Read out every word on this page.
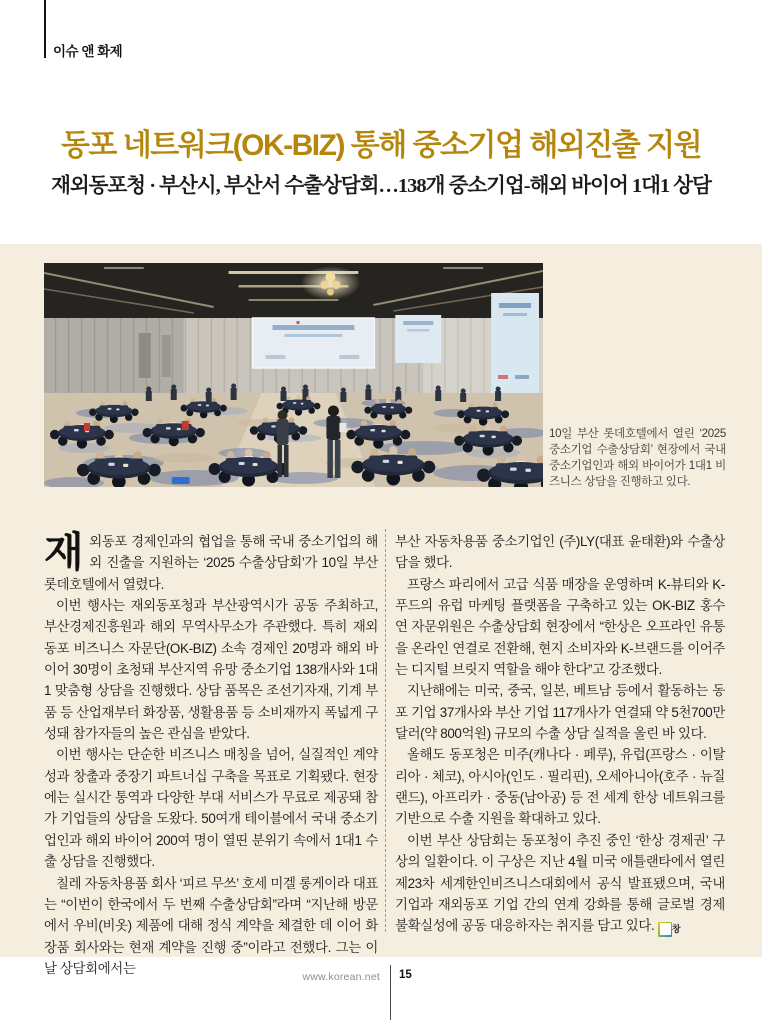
이슈 앤 화제
동포 네트워크(OK-BIZ) 통해 중소기업 해외진출 지원
재외동포청 · 부산시, 부산서 수출상담회…138개 중소기업-해외 바이어 1대1 상담

10일 부산 롯데호텔에서 열린 ‘2025 중소기업 수출상담회’ 현장에서 국내 중소기업인과 해외 바이어가 1대1 비즈니스 상담을 진행하고 있다.

재외동포 경제인과의 협업을 통해 국내 중소기업의 해외 진출을 지원하는 ‘2025 수출상담회’가 10일 부산 롯데호텔에서 열렸다.

이번 행사는 재외동포청과 부산광역시가 공동 주최하고, 부산경제진흥원과 해외 무역사무소가 주관했다. 특히 재외동포 비즈니스 자문단(OK-BIZ) 소속 경제인 20명과 해외 바이어 30명이 초청돼 부산지역 유망 중소기업 138개사와 1대1 맞춤형 상담을 진행했다. 상담 품목은 조선기자재, 기계 부품 등 산업재부터 화장품, 생활용품 등 소비재까지 폭넓게 구성돼 참가자들의 높은 관심을 받았다.

이번 행사는 단순한 비즈니스 매칭을 넘어, 실질적인 계약성과 창출과 중장기 파트너십 구축을 목표로 기획됐다. 현장에는 실시간 통역과 다양한 부대 서비스가 무료로 제공돼 참가 기업들의 상담을 도왔다. 50여개 테이블에서 국내 중소기업인과 해외 바이어 200여 명이 열띤 분위기 속에서 1대1 수출 상담을 진행했다.

칠레 자동차용품 회사 ‘피르 무쓰’ 호세 미겔 롱게이라 대표는 “이번이 한국에서 두 번째 수출상담회”라며 “지난해 방문에서 우비(비옷) 제품에 대해 정식 계약을 체결한 데 이어 화장품 회사와는 현재 계약을 진행 중”이라고 전했다. 그는 이날 상담회에서는

부산 자동차용품 중소기업인 (주)LY(대표 윤태환)와 수출상담을 했다.

프랑스 파리에서 고급 식품 매장을 운영하며 K-뷰티와 K-푸드의 유럽 마케팅 플랫폼을 구축하고 있는 OK-BIZ 홍수연 자문위원은 수출상담회 현장에서 “한상은 오프라인 유통을 온라인 연결로 전환해, 현지 소비자와 K-브랜드를 이어주는 디지털 브릿지 역할을 해야 한다”고 강조했다.

지난해에는 미국, 중국, 일본, 베트남 등에서 활동하는 동포 기업 37개사와 부산 기업 117개사가 연결돼 약 5천700만 달러(약 800억원) 규모의 수출 상담 실적을 올린 바 있다.

올해도 동포청은 미주(캐나다 · 페루), 유럽(프랑스 · 이탈리아 · 체코), 아시아(인도 · 필리핀), 오세아니아(호주 · 뉴질랜드), 아프리카 · 중동(남아공) 등 전 세계 한상 네트워크를 기반으로 수출 지원을 확대하고 있다.

이번 부산 상담회는 동포청이 추진 중인 ‘한상 경제권’ 구상의 일환이다. 이 구상은 지난 4월 미국 애틀랜타에서 열린 제23차 세계한인비즈니스대회에서 공식 발표됐으며, 국내 기업과 재외동포 기업 간의 연계 강화를 통해 글로벌 경제 불확실성에 공동 대응하자는 취지를 담고 있다.	창

www.korean.net 15
